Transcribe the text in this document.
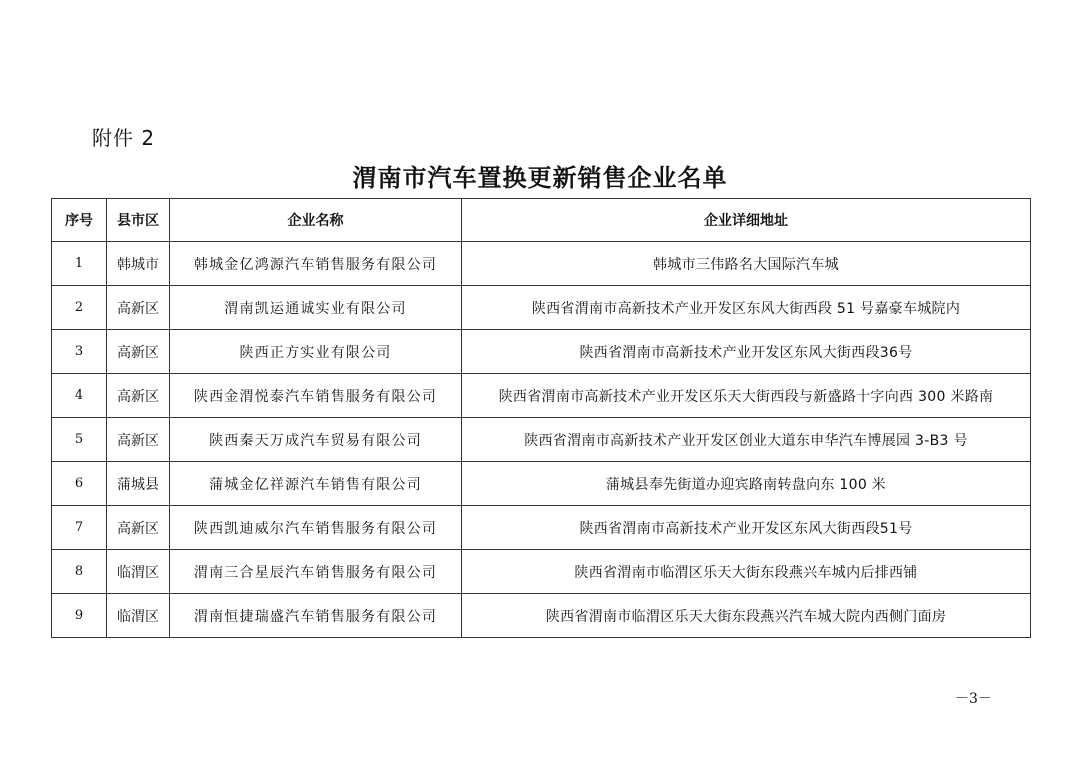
附件 2
渭南市汽车置换更新销售企业名单
序号	县市区	企业名称	企业详细地址
1	韩城市	韩城金亿鸿源汽车销售服务有限公司	韩城市三伟路名大国际汽车城
2	高新区	渭南凯运通诚实业有限公司	陕西省渭南市高新技术产业开发区东风大街西段 51 号嘉豪车城院内
3	高新区	陕西正方实业有限公司	陕西省渭南市高新技术产业开发区东风大街西段36号
4	高新区	陕西金渭悦泰汽车销售服务有限公司	陕西省渭南市高新技术产业开发区乐天大街西段与新盛路十字向西 300 米路南
5	高新区	陕西秦天万成汽车贸易有限公司	陕西省渭南市高新技术产业开发区创业大道东申华汽车博展园 3-B3 号
6	蒲城县	蒲城金亿祥源汽车销售有限公司	蒲城县奉先街道办迎宾路南转盘向东 100 米
7	高新区	陕西凯迪威尔汽车销售服务有限公司	陕西省渭南市高新技术产业开发区东风大街西段51号
8	临渭区	渭南三合星辰汽车销售服务有限公司	陕西省渭南市临渭区乐天大街东段燕兴车城内后排西铺
9	临渭区	渭南恒捷瑞盛汽车销售服务有限公司	陕西省渭南市临渭区乐天大街东段燕兴汽车城大院内西侧门面房
－3－
